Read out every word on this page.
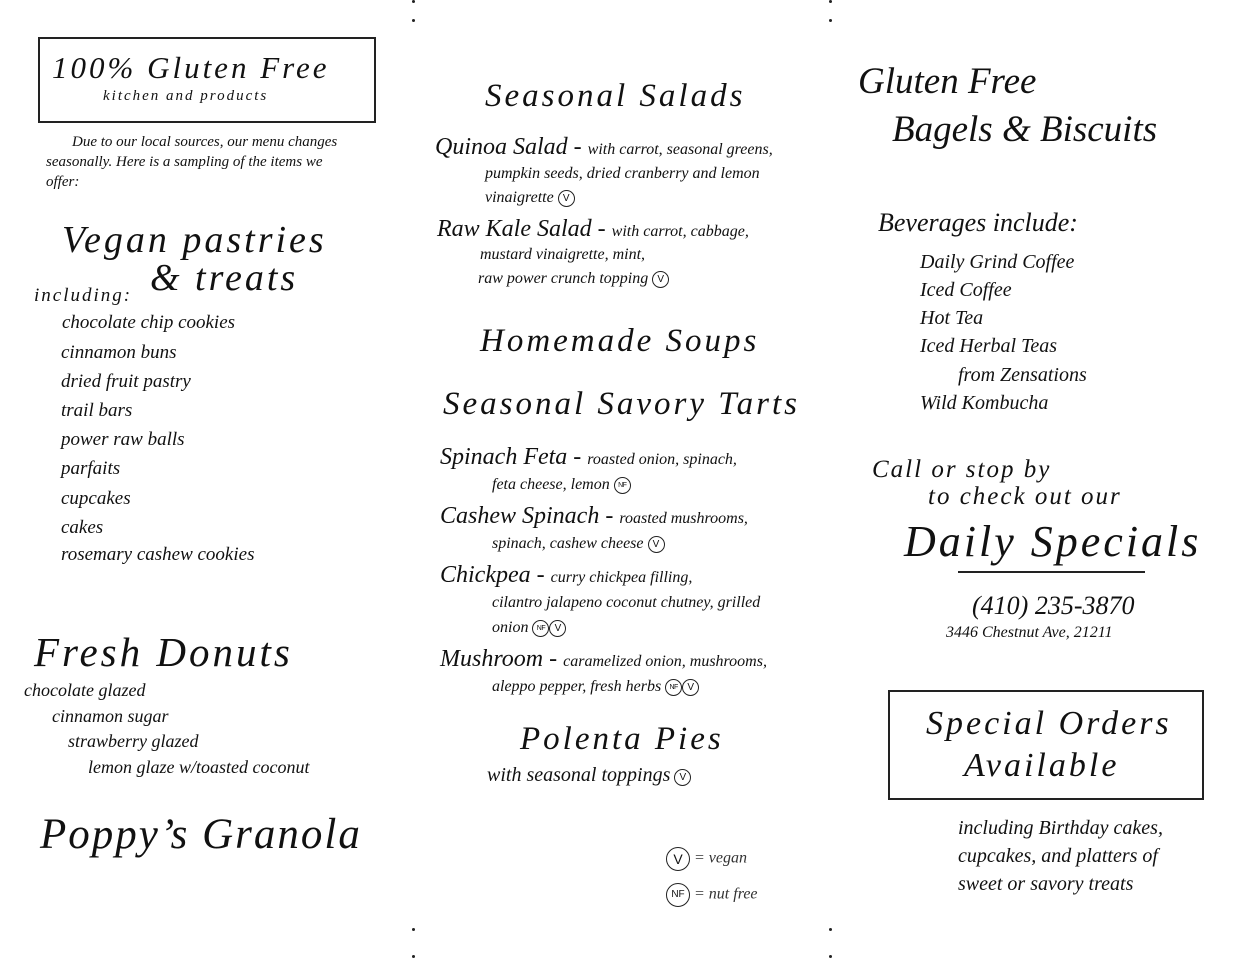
100% Gluten Free
kitchen and products
Due to our local sources, our menu changes
seasonally. Here is a sampling of the items we
offer:
Vegan pastries
& treats
including:
chocolate chip cookies
cinnamon buns
dried fruit pastry
trail bars
power raw balls
parfaits
cupcakes
cakes
rosemary cashew cookies
Fresh Donuts
chocolate glazed
cinnamon sugar
strawberry glazed
lemon glaze w/toasted coconut
Poppy’s Granola
Seasonal Salads
Quinoa Salad - with carrot, seasonal greens,
pumpkin seeds, dried cranberry and lemon
vinaigrette V
Raw Kale Salad - with carrot, cabbage,
mustard vinaigrette, mint,
raw power crunch topping V
Homemade Soups
Seasonal Savory Tarts
Spinach Feta - roasted onion, spinach,
feta cheese, lemon NF
Cashew Spinach - roasted mushrooms,
spinach, cashew cheese V
Chickpea - curry chickpea filling,
cilantro jalapeno coconut chutney, grilled
onion NF V
Mushroom - caramelized onion, mushrooms,
aleppo pepper, fresh herbs NF V
Polenta Pies
with seasonal toppings V
V = vegan
NF = nut free
Gluten Free
Bagels & Biscuits
Beverages include:
Daily Grind Coffee
Iced Coffee
Hot Tea
Iced Herbal Teas
from Zensations
Wild Kombucha
Call or stop by
to check out our
Daily Specials
(410) 235-3870
3446 Chestnut Ave, 21211
Special Orders
Available
including Birthday cakes,
cupcakes, and platters of
sweet or savory treats
